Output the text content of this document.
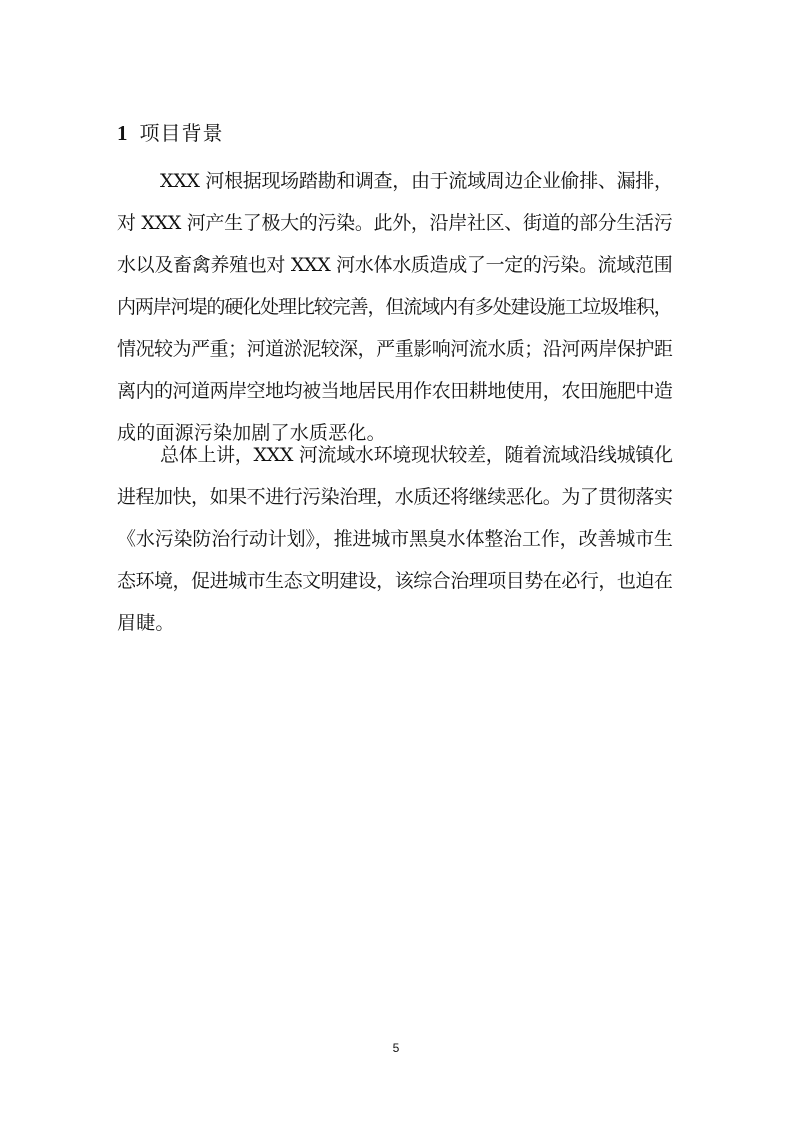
1 项目背景
XXX 河根据现场踏勘和调查，由于流域周边企业偷排、漏排，
对 XXX 河产生了极大的污染。此外，沿岸社区、街道的部分生活污
水以及畜禽养殖也对 XXX 河水体水质造成了一定的污染。流域范围
内两岸河堤的硬化处理比较完善，但流域内有多处建设施工垃圾堆积，
情况较为严重；河道淤泥较深，严重影响河流水质；沿河两岸保护距
离内的河道两岸空地均被当地居民用作农田耕地使用，农田施肥中造
成的面源污染加剧了水质恶化。
总体上讲，XXX 河流域水环境现状较差，随着流域沿线城镇化
进程加快，如果不进行污染治理，水质还将继续恶化。为了贯彻落实
《水污染防治行动计划》，推进城市黑臭水体整治工作，改善城市生
态环境，促进城市生态文明建设，该综合治理项目势在必行，也迫在
眉睫。
5
